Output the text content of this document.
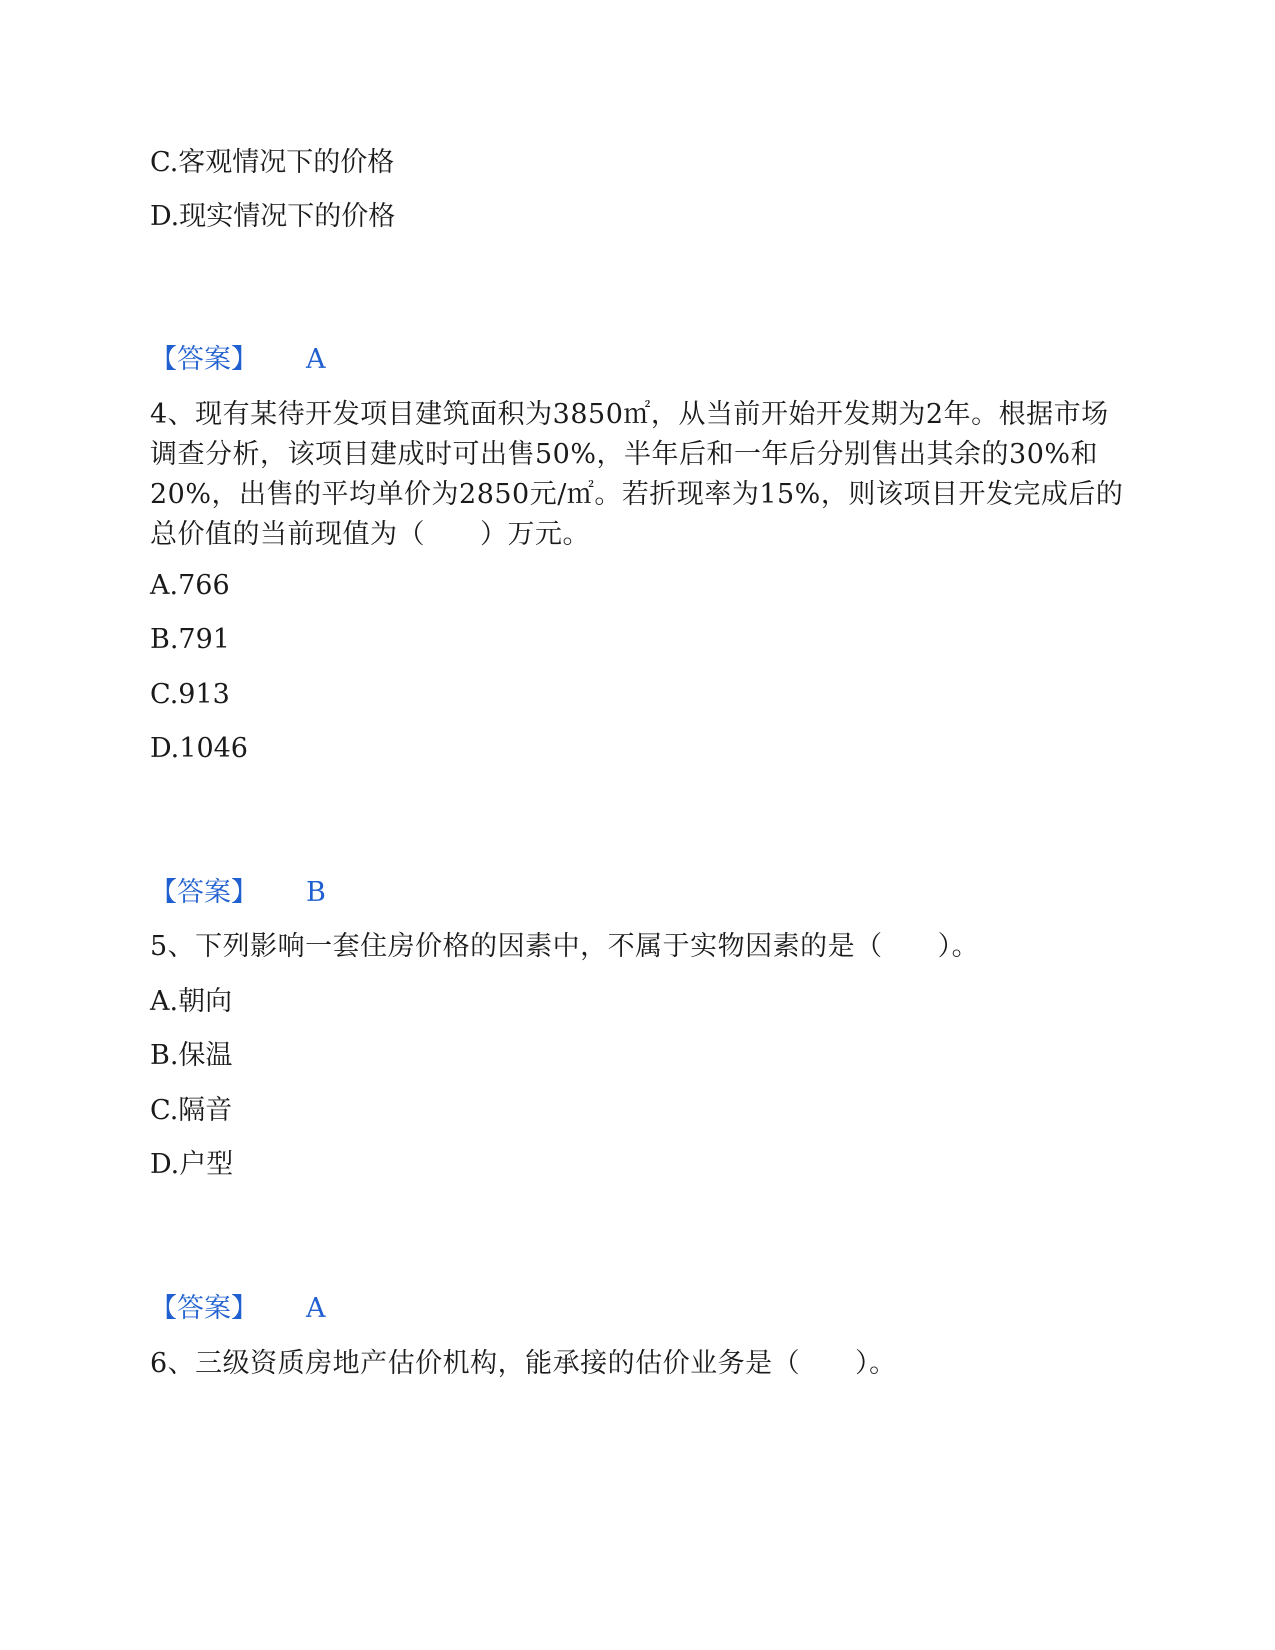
C.客观情况下的价格
D.现实情况下的价格
【答案】 A
4、现有某待开发项目建筑面积为3850㎡，从当前开始开发期为2年。根据市场调查分析，该项目建成时可出售50%，半年后和一年后分别售出其余的30%和20%，出售的平均单价为2850元/㎡。若折现率为15%，则该项目开发完成后的总价值的当前现值为（　　）万元。
A.766
B.791
C.913
D.1046
【答案】 B
5、下列影响一套住房价格的因素中，不属于实物因素的是（　　）。
A.朝向
B.保温
C.隔音
D.户型
【答案】 A
6、三级资质房地产估价机构，能承接的估价业务是（　　）。
